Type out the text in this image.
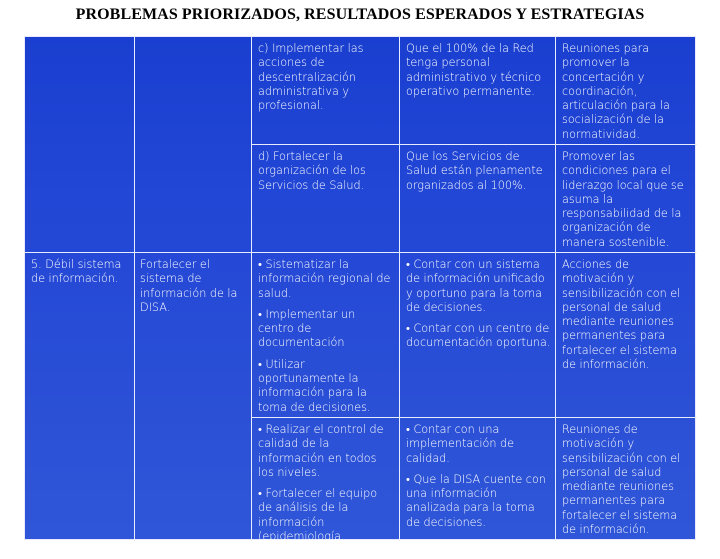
PROBLEMAS PRIORIZADOS, RESULTADOS ESPERADOS Y ESTRATEGIAS

c) Implementar las acciones de descentralización administrativa y profesional.

Que el 100% de la Red tenga personal administrativo y técnico operativo permanente.

Reuniones para promover la concertación y coordinación, articulación para la socialización de la normatividad.

d) Fortalecer la organización de los Servicios de Salud.

Que los Servicios de Salud están plenamente organizados al 100%.

Promover las condiciones para el liderazgo local que se asuma la responsabilidad de la organización de manera sostenible.

5. Débil sistema de información.

Fortalecer el sistema de información de la DISA.

• Sistematizar la información regional de salud.

• Implementar un centro de documentación

• Utilizar oportunamente la información para la toma de decisiones.

• Contar con un sistema de información unificado y oportuno para la toma de decisiones.

• Contar con un centro de documentación oportuna.

Acciones de motivación y sensibilización con el personal de salud mediante reuniones permanentes para fortalecer el sistema de información.

• Realizar el control de calidad de la información en todos los niveles.

• Fortalecer el equipo de análisis de la información (epidemiología, estadística).

• Contar con una implementación de calidad.

• Que la DISA cuente con una información analizada para la toma de decisiones.

Reuniones de motivación y sensibilización con el personal de salud mediante reuniones permanentes para fortalecer el sistema de información.
